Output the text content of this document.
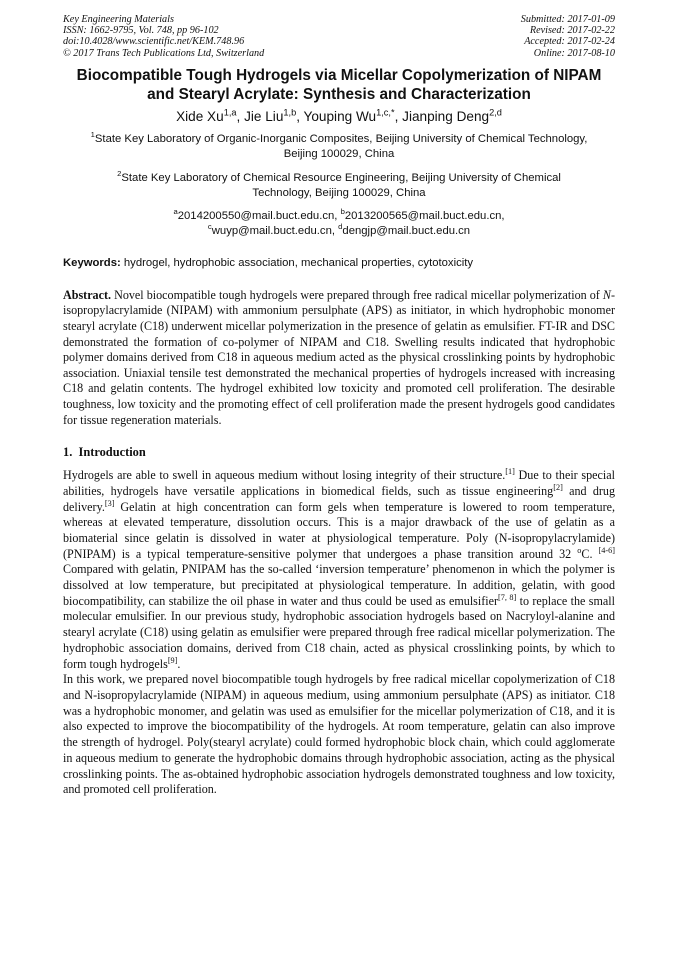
Key Engineering Materials
ISSN: 1662-9795, Vol. 748, pp 96-102
doi:10.4028/www.scientific.net/KEM.748.96
© 2017 Trans Tech Publications Ltd, Switzerland
Submitted: 2017-01-09
Revised: 2017-02-22
Accepted: 2017-02-24
Online: 2017-08-10
Biocompatible Tough Hydrogels via Micellar Copolymerization of NIPAM
and Stearyl Acrylate: Synthesis and Characterization
Xide Xu$^{1,a}$, Jie Liu$^{1,b}$, Youping $Wu^{1,c,*}$, Jianping Deng$^{2,d}$
$^1$State Key Laboratory of Organic-Inorganic Composites, Beijing University of Chemical Technology,
Beijing 100029, China
$^2$State Key Laboratory of Chemical Resource Engineering, Beijing University of Chemical
Technology, Beijing 100029, China
$^a$2014200550@mail.buct.edu.cn, $^b$2013200565@mail.buct.edu.cn,
$^c$wuyp@mail.buct.edu.cn, $^d$dengjp@mail.buct.edu.cn
Keywords: hydrogel, hydrophobic association, mechanical properties, cytotoxicity
Abstract. Novel biocompatible tough hydrogels were prepared through free radical micellar polymerization of N-isopropylacrylamide (NIPAM) with ammonium persulphate (APS) as initiator, in which hydrophobic monomer stearyl acrylate (C18) underwent micellar polymerization in the presence of gelatin as emulsifier. FT-IR and DSC demonstrated the formation of co-polymer of NIPAM and C18. Swelling results indicated that hydrophobic polymer domains derived from C18 in aqueous medium acted as the physical crosslinking points by hydrophobic association. Uniaxial tensile test demonstrated the mechanical properties of hydrogels increased with increasing C18 and gelatin contents. The hydrogel exhibited low toxicity and promoted cell proliferation. The desirable toughness, low toxicity and the promoting effect of cell proliferation made the present hydrogels good candidates for tissue regeneration materials.
1. Introduction
Hydrogels are able to swell in aqueous medium without losing integrity of their structure.[1] Due to their special abilities, hydrogels have versatile applications in biomedical fields, such as tissue engineering[2] and drug delivery.[3] Gelatin at high concentration can form gels when temperature is lowered to room temperature, whereas at elevated temperature, dissolution occurs. This is a major drawback of the use of gelatin as a biomaterial since gelatin is dissolved in water at physiological temperature. Poly (N-isopropylacrylamide) (PNIPAM) is a typical temperature-sensitive polymer that undergoes a phase transition around 32 $^o$C. [4-6] Compared with gelatin, PNIPAM has the so-called ‘inversion temperature’ phenomenon in which the polymer is dissolved at low temperature, but precipitated at physiological temperature. In addition, gelatin, with good biocompatibility, can stabilize the oil phase in water and thus could be used as emulsifier[7, 8] to replace the small molecular emulsifier. In our previous study, hydrophobic association hydrogels based on Nacryloyl-alanine and stearyl acrylate (C18) using gelatin as emulsifier were prepared through free radical micellar polymerization. The hydrophobic association domains, derived from C18 chain, acted as physical crosslinking points, by which to form tough hydrogels[9].
In this work, we prepared novel biocompatible tough hydrogels by free radical micellar copolymerization of C18 and N-isopropylacrylamide (NIPAM) in aqueous medium, using ammonium persulphate (APS) as initiator. C18 was a hydrophobic monomer, and gelatin was used as emulsifier for the micellar polymerization of C18, and it is also expected to improve the biocompatibility of the hydrogels. At room temperature, gelatin can also improve the strength of hydrogel. Poly(stearyl acrylate) could formed hydrophobic block chain, which could agglomerate in aqueous medium to generate the hydrophobic domains through hydrophobic association, acting as the physical crosslinking points. The as-obtained hydrophobic association hydrogels demonstrated toughness and low toxicity, and promoted cell proliferation.
